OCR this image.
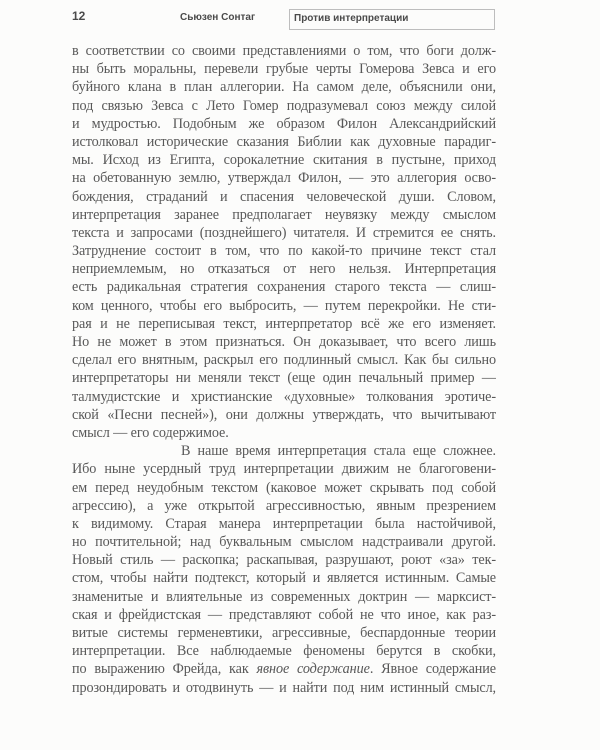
12	Сьюзен Сонтаг	Против интерпретации
в соответствии со своими представлениями о том, что боги долж-
ны быть моральны, перевели грубые черты Гомерова Зевса и его
буйного клана в план аллегории. На самом деле, объяснили они,
под связью Зевса с Лето Гомер подразумевал союз между силой
и мудростью. Подобным же образом Филон Александрийский
истолковал исторические сказания Библии как духовные парадиг-
мы. Исход из Египта, сорокалетние скитания в пустыне, приход
на обетованную землю, утверждал Филон, — это аллегория осво-
бождения, страданий и спасения человеческой души. Словом,
интерпретация заранее предполагает неувязку между смыслом
текста и запросами (позднейшего) читателя. И стремится ее снять.
Затруднение состоит в том, что по какой-то причине текст стал
неприемлемым, но отказаться от него нельзя. Интерпретация
есть радикальная стратегия сохранения старого текста — слиш-
ком ценного, чтобы его выбросить, — путем перекройки. Не сти-
рая и не переписывая текст, интерпретатор всё же его изменяет.
Но не может в этом признаться. Он доказывает, что всего лишь
сделал его внятным, раскрыл его подлинный смысл. Как бы сильно
интерпретаторы ни меняли текст (еще один печальный пример —
талмудистские и христианские «духовные» толкования эротиче-
ской «Песни песней»), они должны утверждать, что вычитывают
смысл — его содержимое.
В наше время интерпретация стала еще сложнее.
Ибо ныне усердный труд интерпретации движим не благоговени-
ем перед неудобным текстом (каковое может скрывать под собой
агрессию), а уже открытой агрессивностью, явным презрением
к видимому. Старая манера интерпретации была настойчивой,
но почтительной; над буквальным смыслом надстраивали другой.
Новый стиль — раскопка; раскапывая, разрушают, роют «за» тек-
стом, чтобы найти подтекст, который и является истинным. Самые
знаменитые и влиятельные из современных доктрин — марксист-
ская и фрейдистская — представляют собой не что иное, как раз-
витые системы герменевтики, агрессивные, беспардонные теории
интерпретации. Все наблюдаемые феномены берутся в скобки,
по выражению Фрейда, как явное содержание. Явное содержание
прозондировать и отодвинуть — и найти под ним истинный смысл,
